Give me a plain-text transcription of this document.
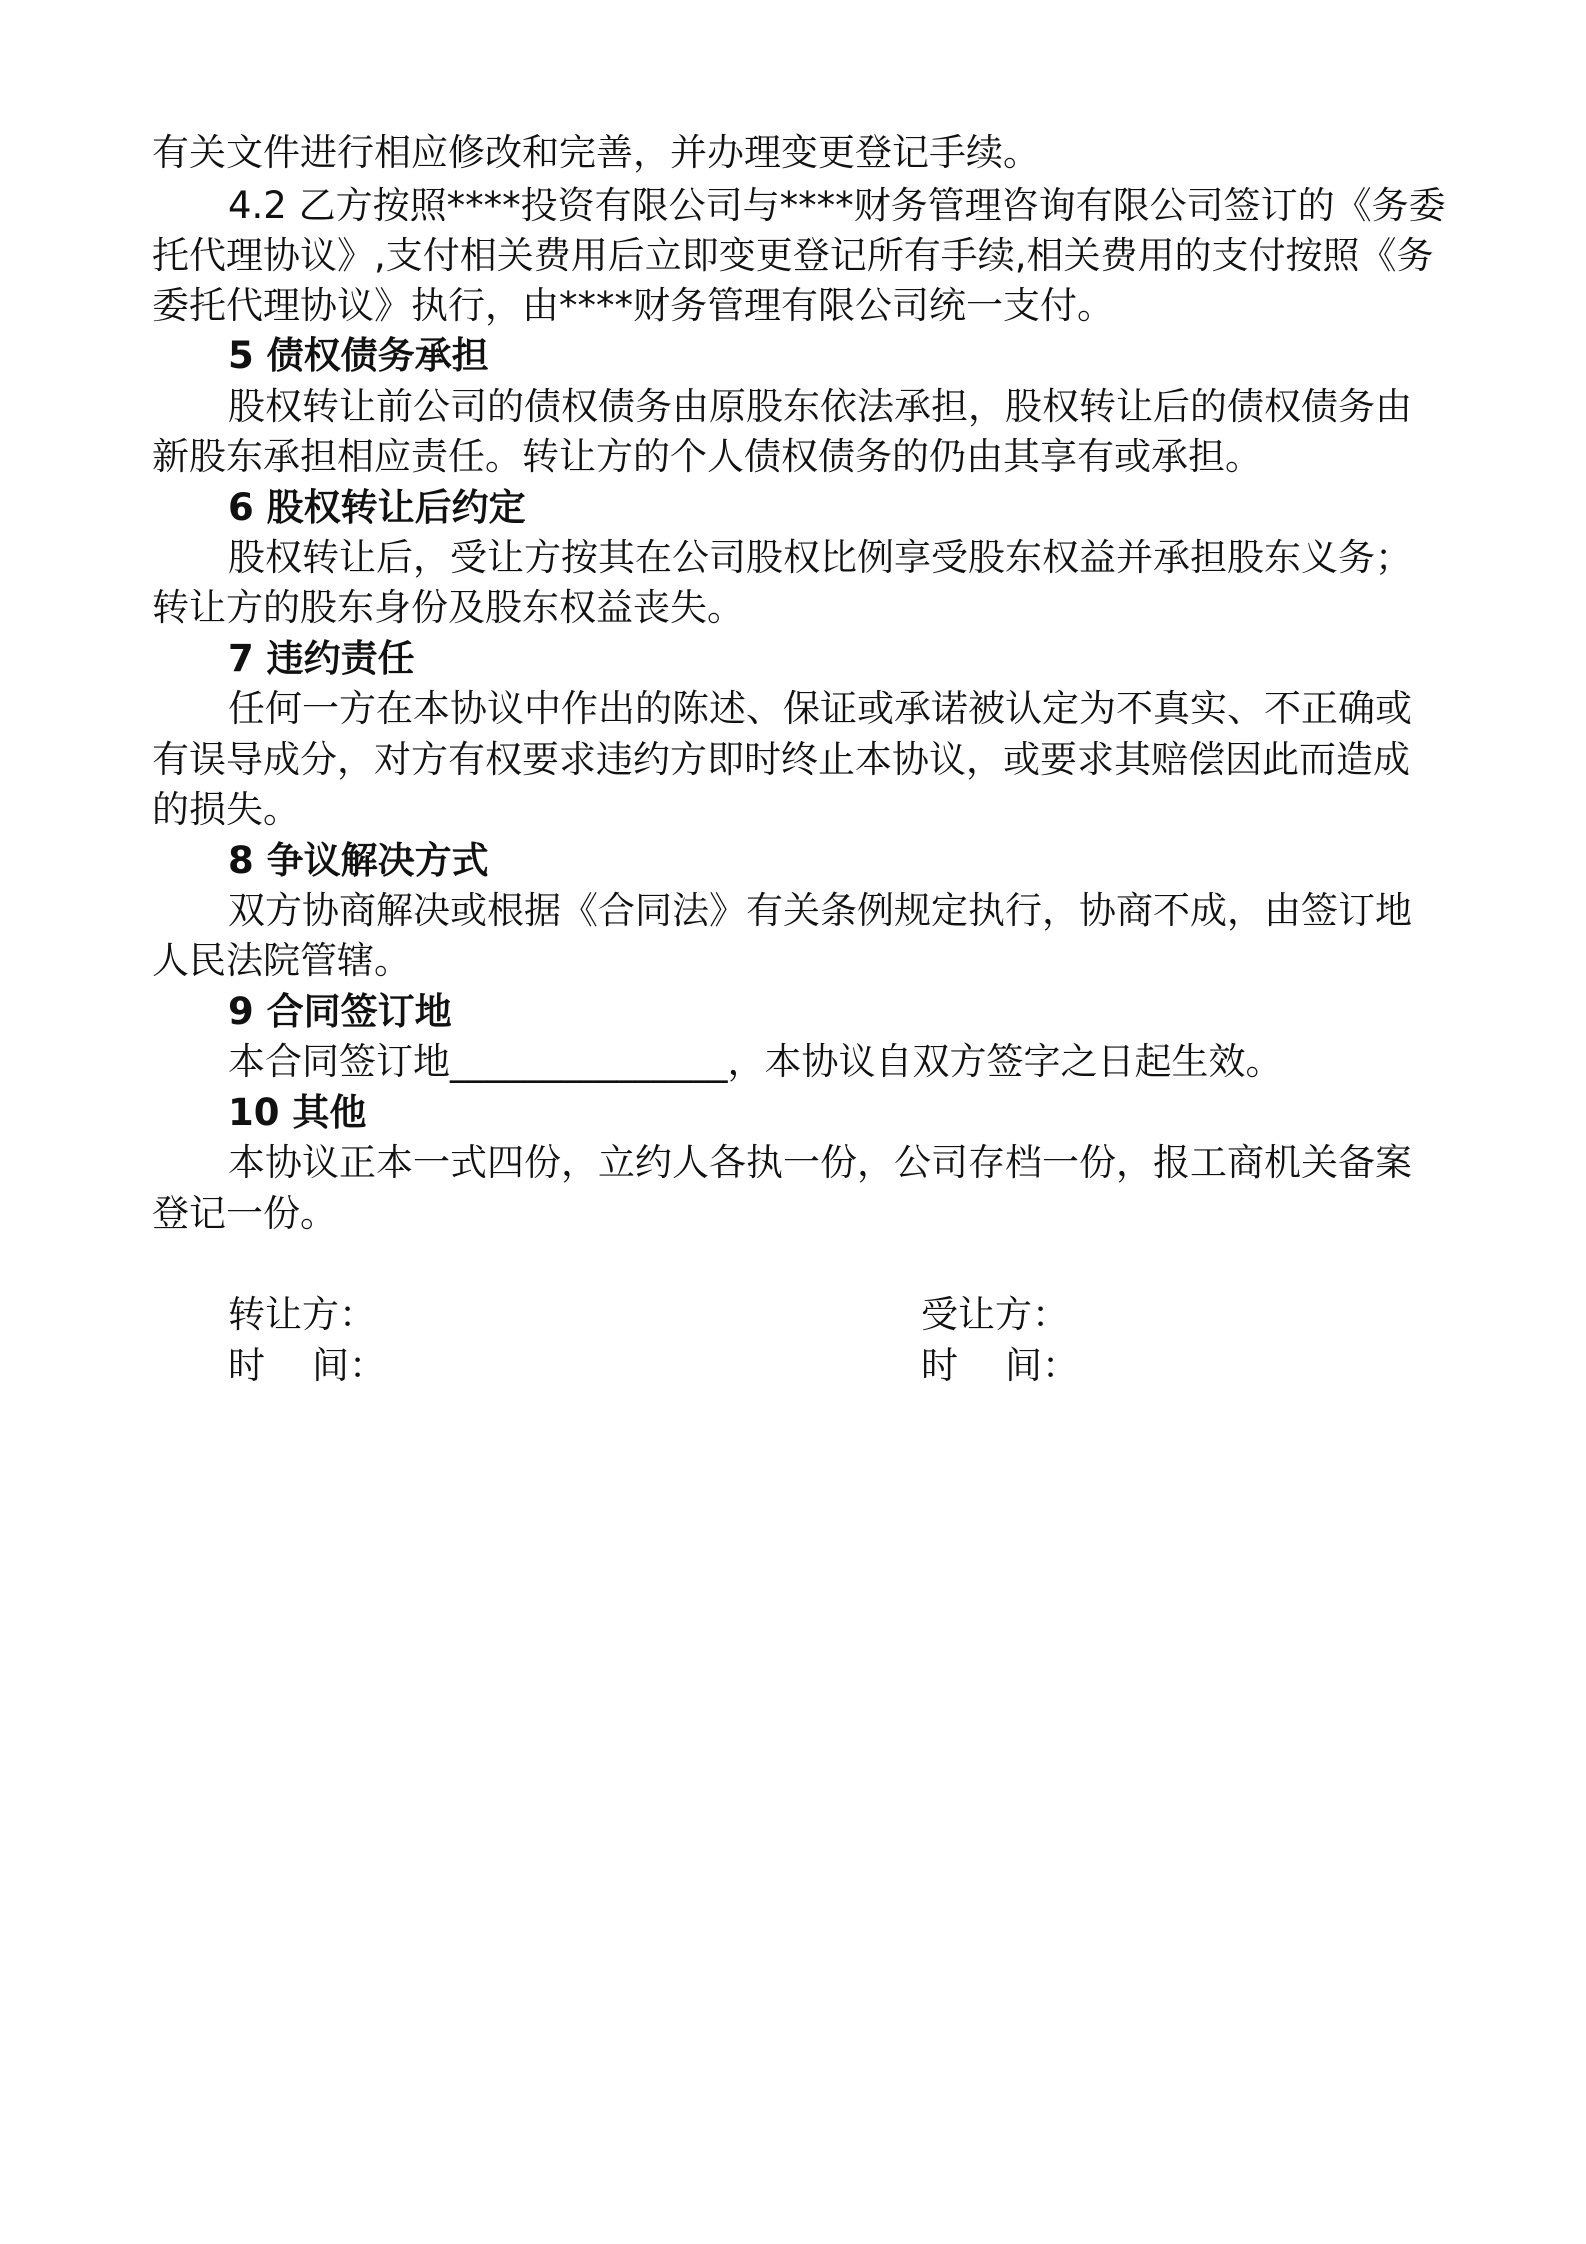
有关文件进行相应修改和完善，并办理变更登记手续。
4.2 乙方按照****投资有限公司与****财务管理咨询有限公司签订的《务委
托代理协议》,支付相关费用后立即变更登记所有手续,相关费用的支付按照《务
委托代理协议》执行，由****财务管理有限公司统一支付。
5 债权债务承担
股权转让前公司的债权债务由原股东依法承担，股权转让后的债权债务由
新股东承担相应责任。转让方的个人债权债务的仍由其享有或承担。
6 股权转让后约定
股权转让后，受让方按其在公司股权比例享受股东权益并承担股东义务；
转让方的股东身份及股东权益丧失。
7 违约责任
任何一方在本协议中作出的陈述、保证或承诺被认定为不真实、不正确或
有误导成分，对方有权要求违约方即时终止本协议，或要求其赔偿因此而造成
的损失。
8 争议解决方式
双方协商解决或根据《合同法》有关条例规定执行，协商不成，由签订地
人民法院管辖。
9 合同签订地
本合同签订地_______________，本协议自双方签字之日起生效。
10 其他
本协议正本一式四份，立约人各执一份，公司存档一份，报工商机关备案
登记一份。
转让方：	受让方：
时    间：	时    间：
